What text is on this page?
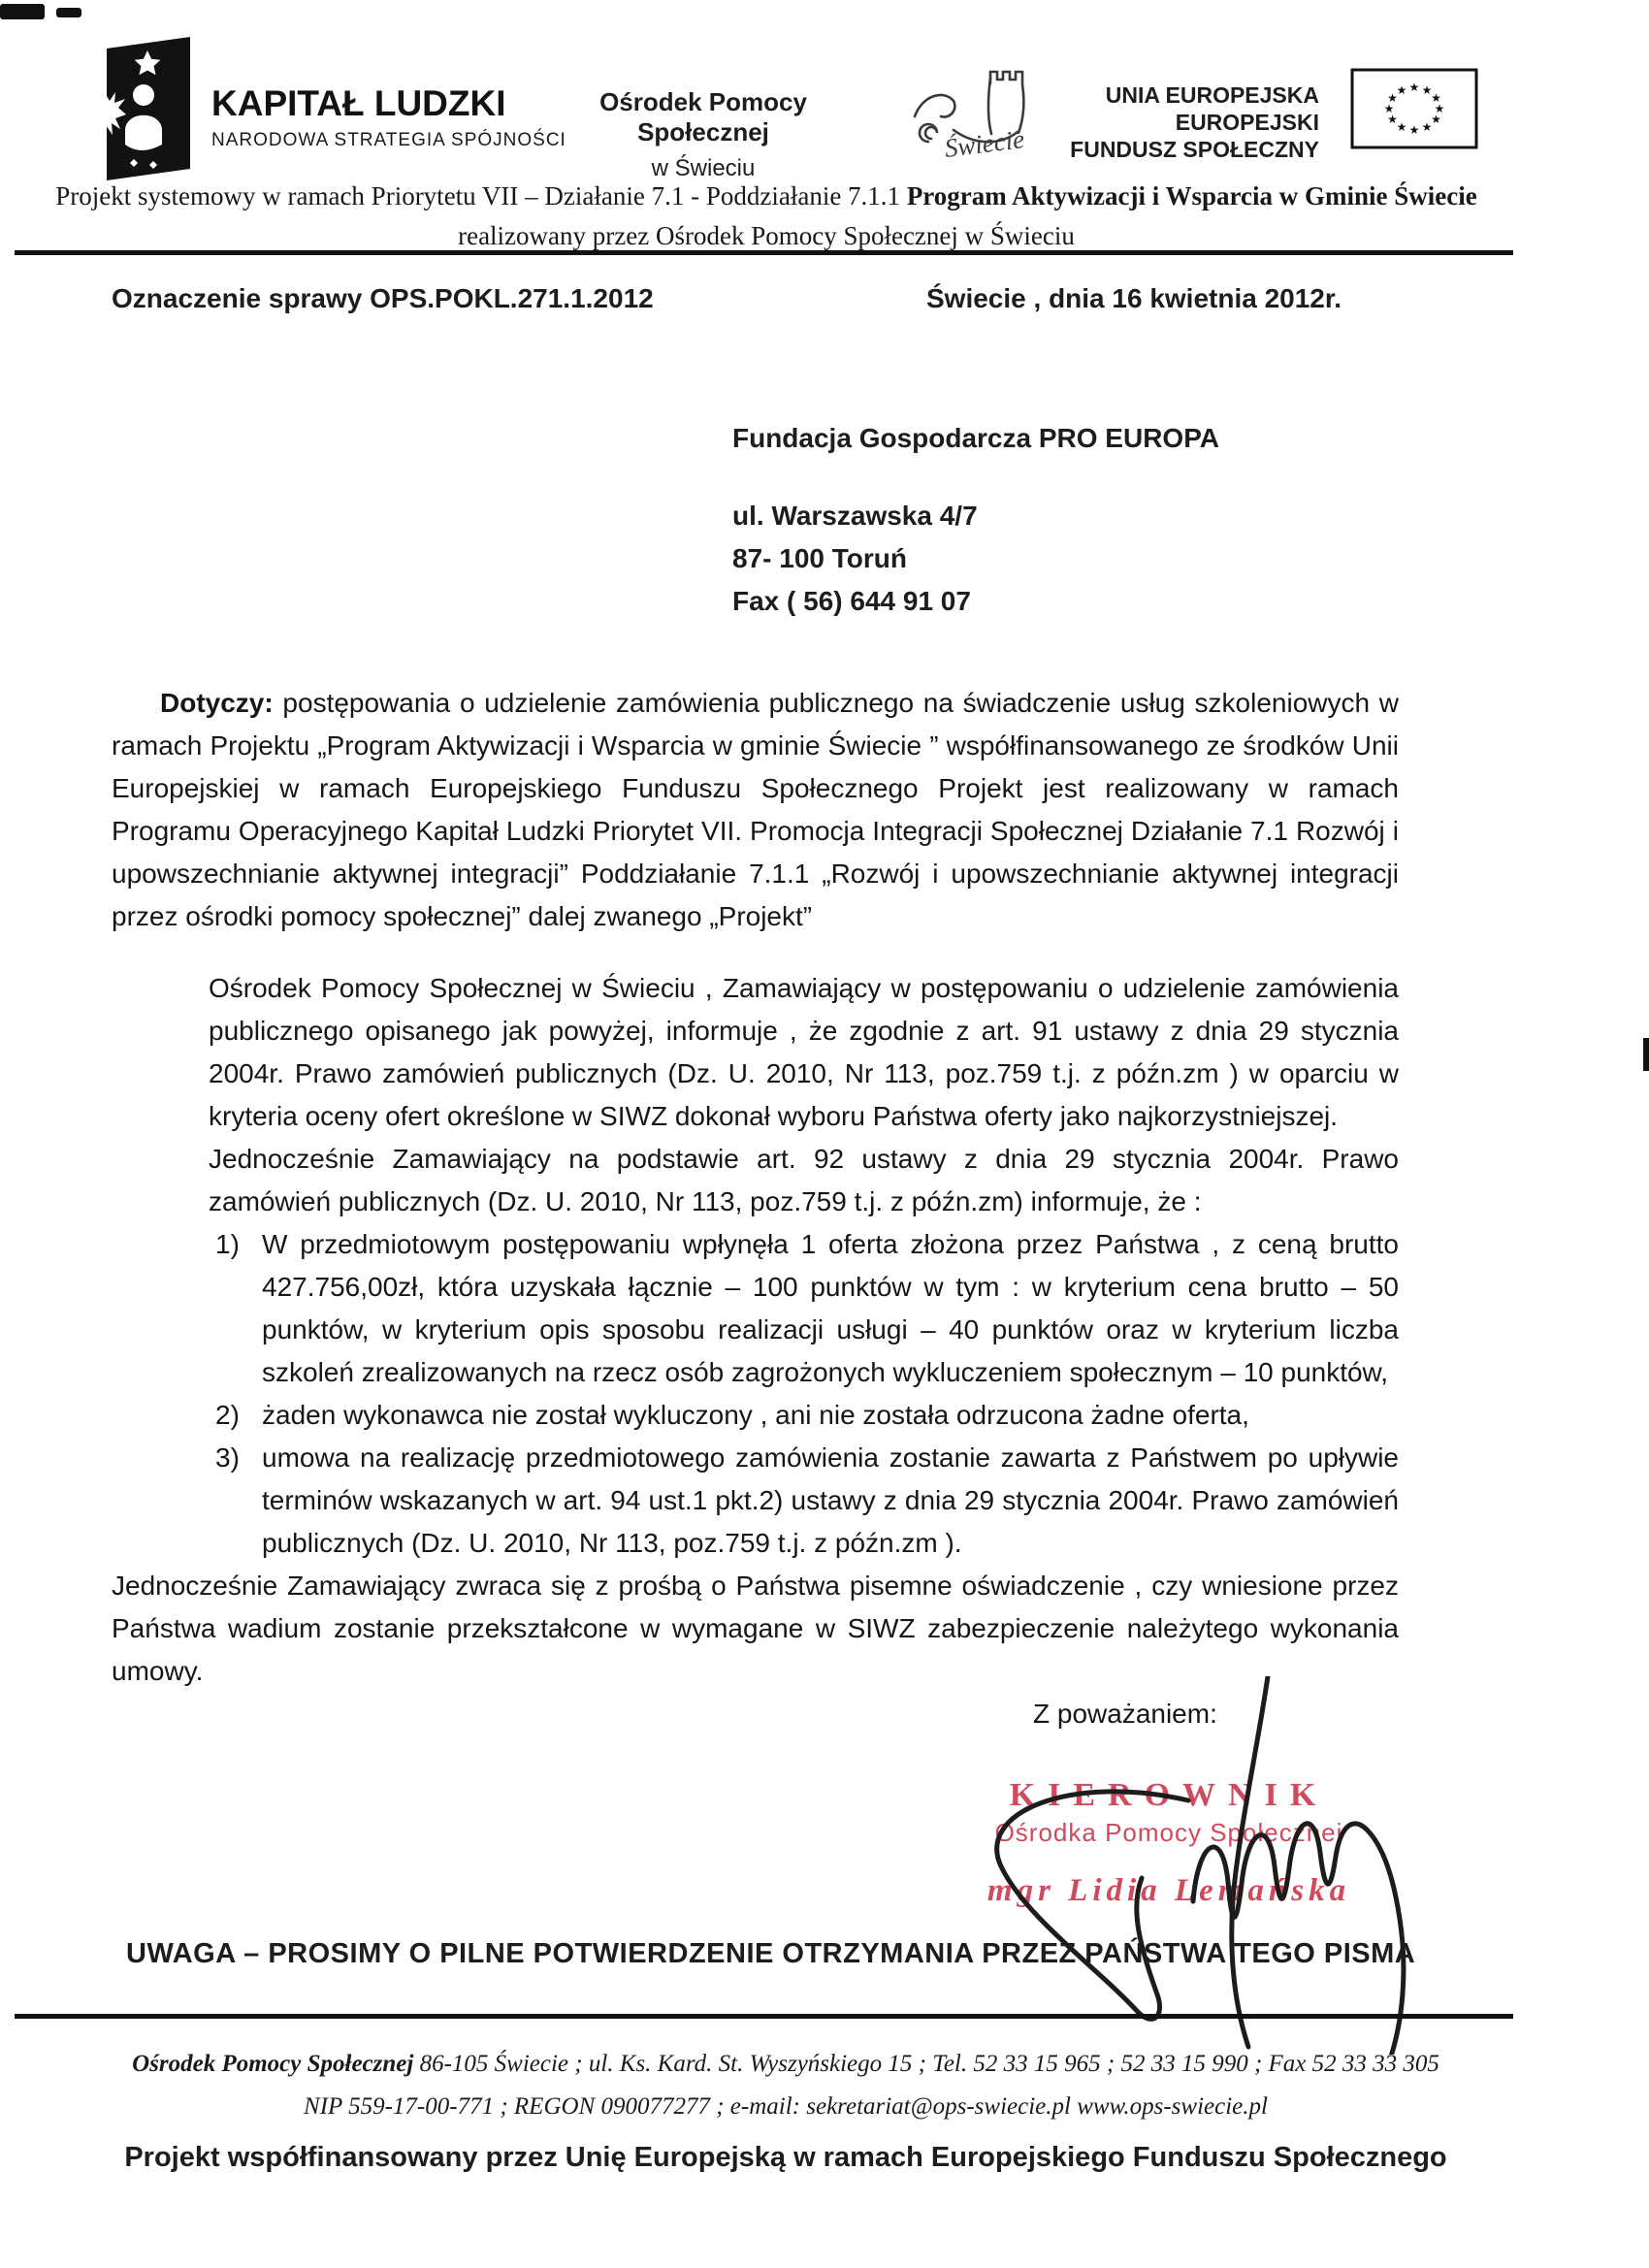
KAPITAŁ LUDZKI
NARODOWA STRATEGIA SPÓJNOŚCI
Ośrodek Pomocy Społecznej
w Świeciu
Świecie
UNIA EUROPEJSKA
EUROPEJSKI
FUNDUSZ SPOŁECZNY
★ ★
★
★
★
★
★
★
★
★
★
★
Projekt systemowy w ramach Priorytetu VII – Działanie 7.1 - Poddziałanie 7.1.1 Program Aktywizacji i Wsparcia w Gminie Świecie
realizowany przez Ośrodek Pomocy Społecznej w Świeciu
Oznaczenie sprawy OPS.POKL.271.1.2012	Świecie , dnia 16 kwietnia 2012r.
Fundacja Gospodarcza PRO EUROPA
ul. Warszawska 4/7
87- 100 Toruń
Fax ( 56) 644 91 07

Dotyczy: postępowania o udzielenie zamówienia publicznego na świadczenie usług szkoleniowych w ramach Projektu „Program Aktywizacji i Wsparcia w gminie Świecie ” współfinansowanego ze środków Unii Europejskiej w ramach Europejskiego Funduszu Społecznego Projekt jest realizowany w ramach Programu Operacyjnego Kapitał Ludzki Priorytet VII. Promocja Integracji Społecznej Działanie 7.1 Rozwój i upowszechnianie aktywnej integracji” Poddziałanie 7.1.1 „Rozwój i upowszechnianie aktywnej integracji przez ośrodki pomocy społecznej” dalej zwanego „Projekt”

Ośrodek Pomocy Społecznej w Świeciu , Zamawiający w postępowaniu o udzielenie zamówienia publicznego opisanego jak powyżej, informuje , że zgodnie z art. 91 ustawy z dnia 29 stycznia 2004r. Prawo zamówień publicznych (Dz. U. 2010, Nr 113, poz.759 t.j. z późn.zm ) w oparciu w kryteria oceny ofert określone w SIWZ dokonał wyboru Państwa oferty jako najkorzystniejszej.

Jednocześnie Zamawiający na podstawie art. 92 ustawy z dnia 29 stycznia 2004r. Prawo zamówień publicznych (Dz. U. 2010, Nr 113, poz.759 t.j. z późn.zm) informuje, że :

1) W przedmiotowym postępowaniu wpłynęła 1 oferta złożona przez Państwa , z ceną brutto 427.756,00zł, która uzyskała łącznie – 100 punktów w tym : w kryterium cena brutto – 50 punktów, w kryterium opis sposobu realizacji usługi – 40 punktów oraz w kryterium liczba szkoleń zrealizowanych na rzecz osób zagrożonych wykluczeniem społecznym – 10 punktów,
2) żaden wykonawca nie został wykluczony , ani nie została odrzucona żadne oferta,
3) umowa na realizację przedmiotowego zamówienia zostanie zawarta z Państwem po upływie terminów wskazanych w art. 94 ust.1 pkt.2) ustawy z dnia 29 stycznia 2004r. Prawo zamówień publicznych (Dz. U. 2010, Nr 113, poz.759 t.j. z późn.zm ).

Jednocześnie Zamawiający zwraca się z prośbą o Państwa pisemne oświadczenie , czy wniesione przez Państwa wadium zostanie przekształcone w wymagane w SIWZ zabezpieczenie należytego wykonania umowy.

Z poważaniem:
KIEROWNIK
Ośrodka Pomocy Społecznej
mgr Lidia Lemańska
UWAGA – PROSIMY O PILNE POTWIERDZENIE OTRZYMANIA PRZEZ PAŃSTWA TEGO PISMA
Ośrodek Pomocy Społecznej 86-105 Świecie ; ul. Ks. Kard. St. Wyszyńskiego 15 ; Tel. 52 33 15 965 ; 52 33 15 990 ; Fax 52 33 33 305
NIP 559-17-00-771 ; REGON 090077277 ; e-mail: sekretariat@ops-swiecie.pl www.ops-swiecie.pl
Projekt współfinansowany przez Unię Europejską w ramach Europejskiego Funduszu Społecznego
